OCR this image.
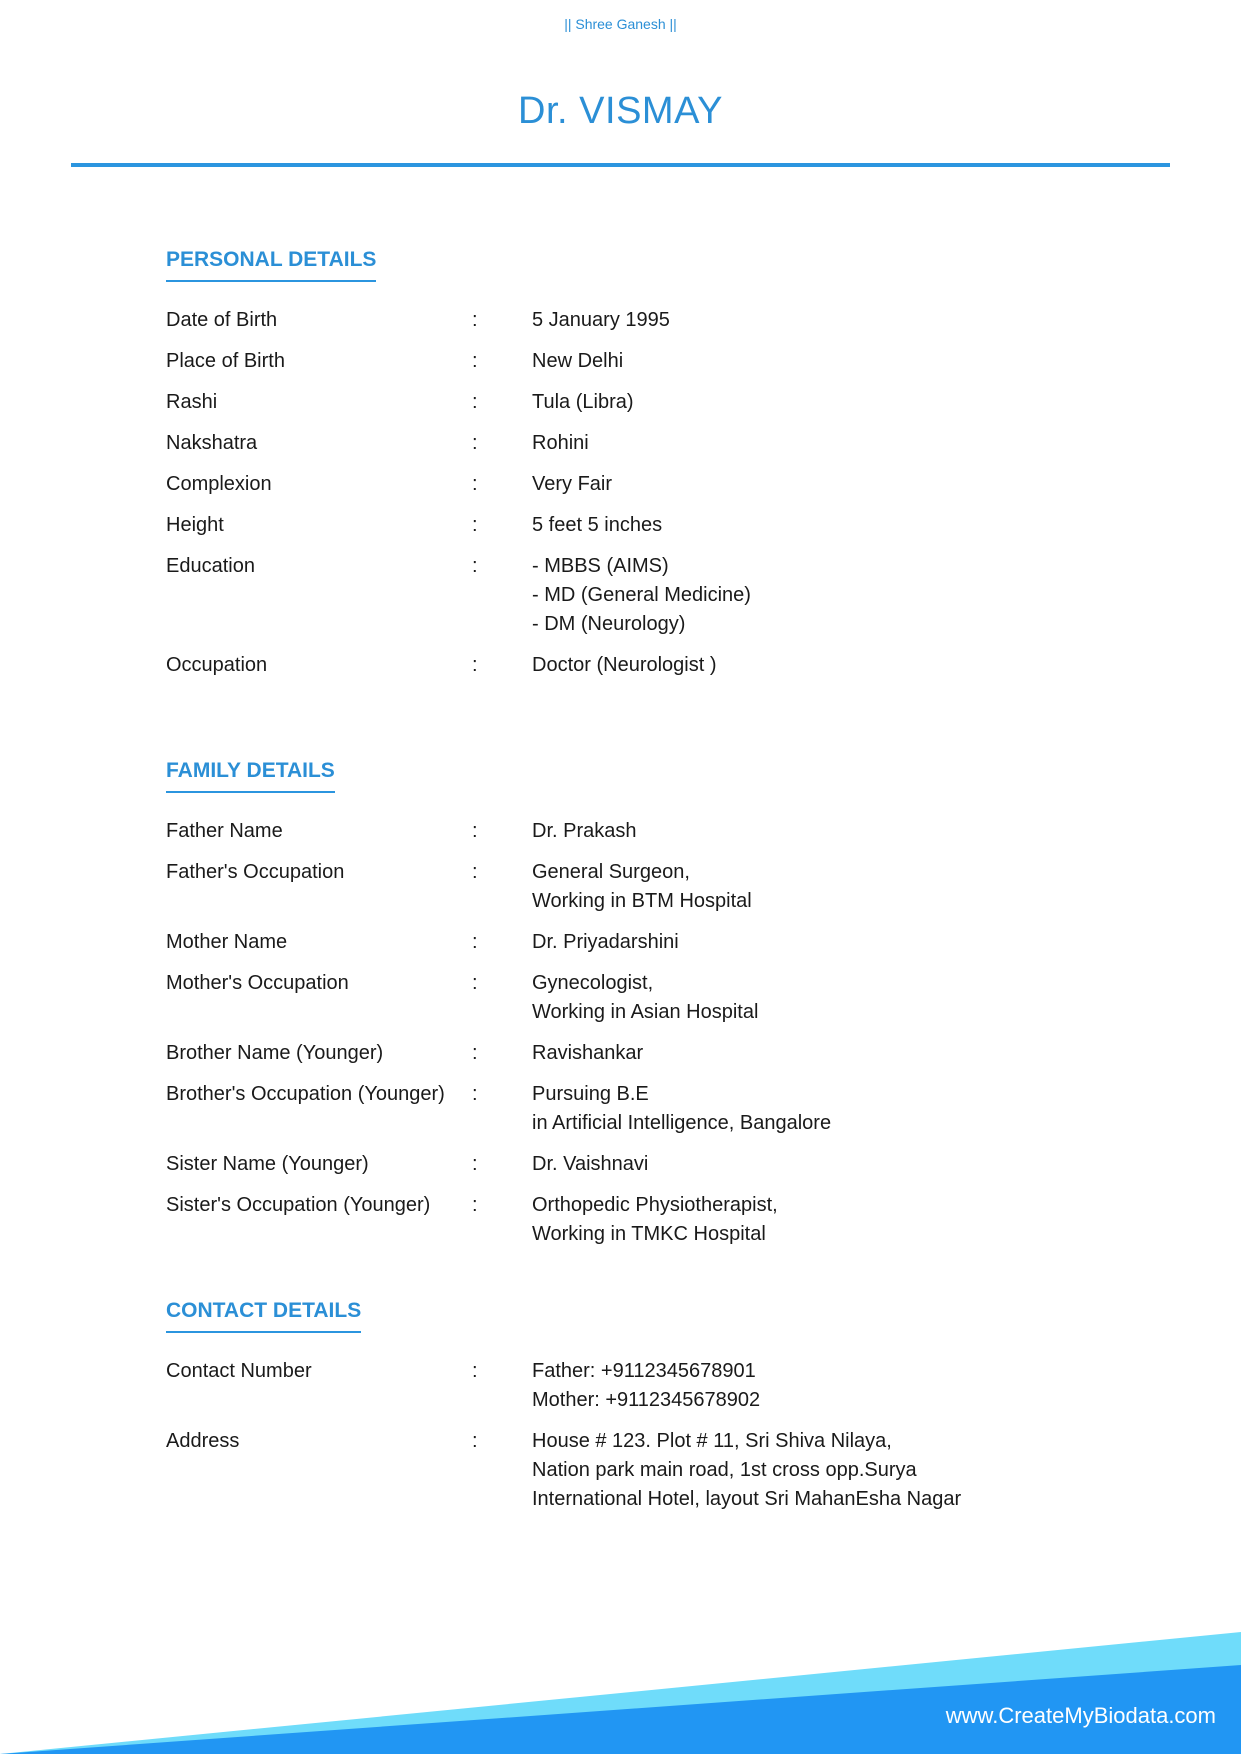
|| Shree Ganesh ||
Dr. VISMAY
PERSONAL DETAILS
Date of Birth	:	5 January 1995
Place of Birth	:	New Delhi
Rashi	:	Tula (Libra)
Nakshatra	:	Rohini
Complexion	:	Very Fair
Height	:	5 feet 5 inches
Education	:	- MBBS (AIMS)
- MD (General Medicine)
- DM (Neurology)
Occupation	:	Doctor (Neurologist )
FAMILY DETAILS
Father Name	:	Dr. Prakash
Father's Occupation	:	General Surgeon,
Working in BTM Hospital
Mother Name	:	Dr. Priyadarshini
Mother's Occupation	:	Gynecologist,
Working in Asian Hospital
Brother Name (Younger)	:	Ravishankar
Brother's Occupation (Younger) :	Pursuing B.E
in Artificial Intelligence, Bangalore
Sister Name (Younger)	:	Dr. Vaishnavi
Sister's Occupation (Younger) :	Orthopedic Physiotherapist,
Working in TMKC Hospital
CONTACT DETAILS
Contact Number	:	Father: +9112345678901
Mother: +9112345678902
Address	:	House # 123. Plot # 11, Sri Shiva Nilaya,
Nation park main road, 1st cross opp.Surya
International Hotel, layout Sri MahanEsha Nagar
www.CreateMyBiodata.com
